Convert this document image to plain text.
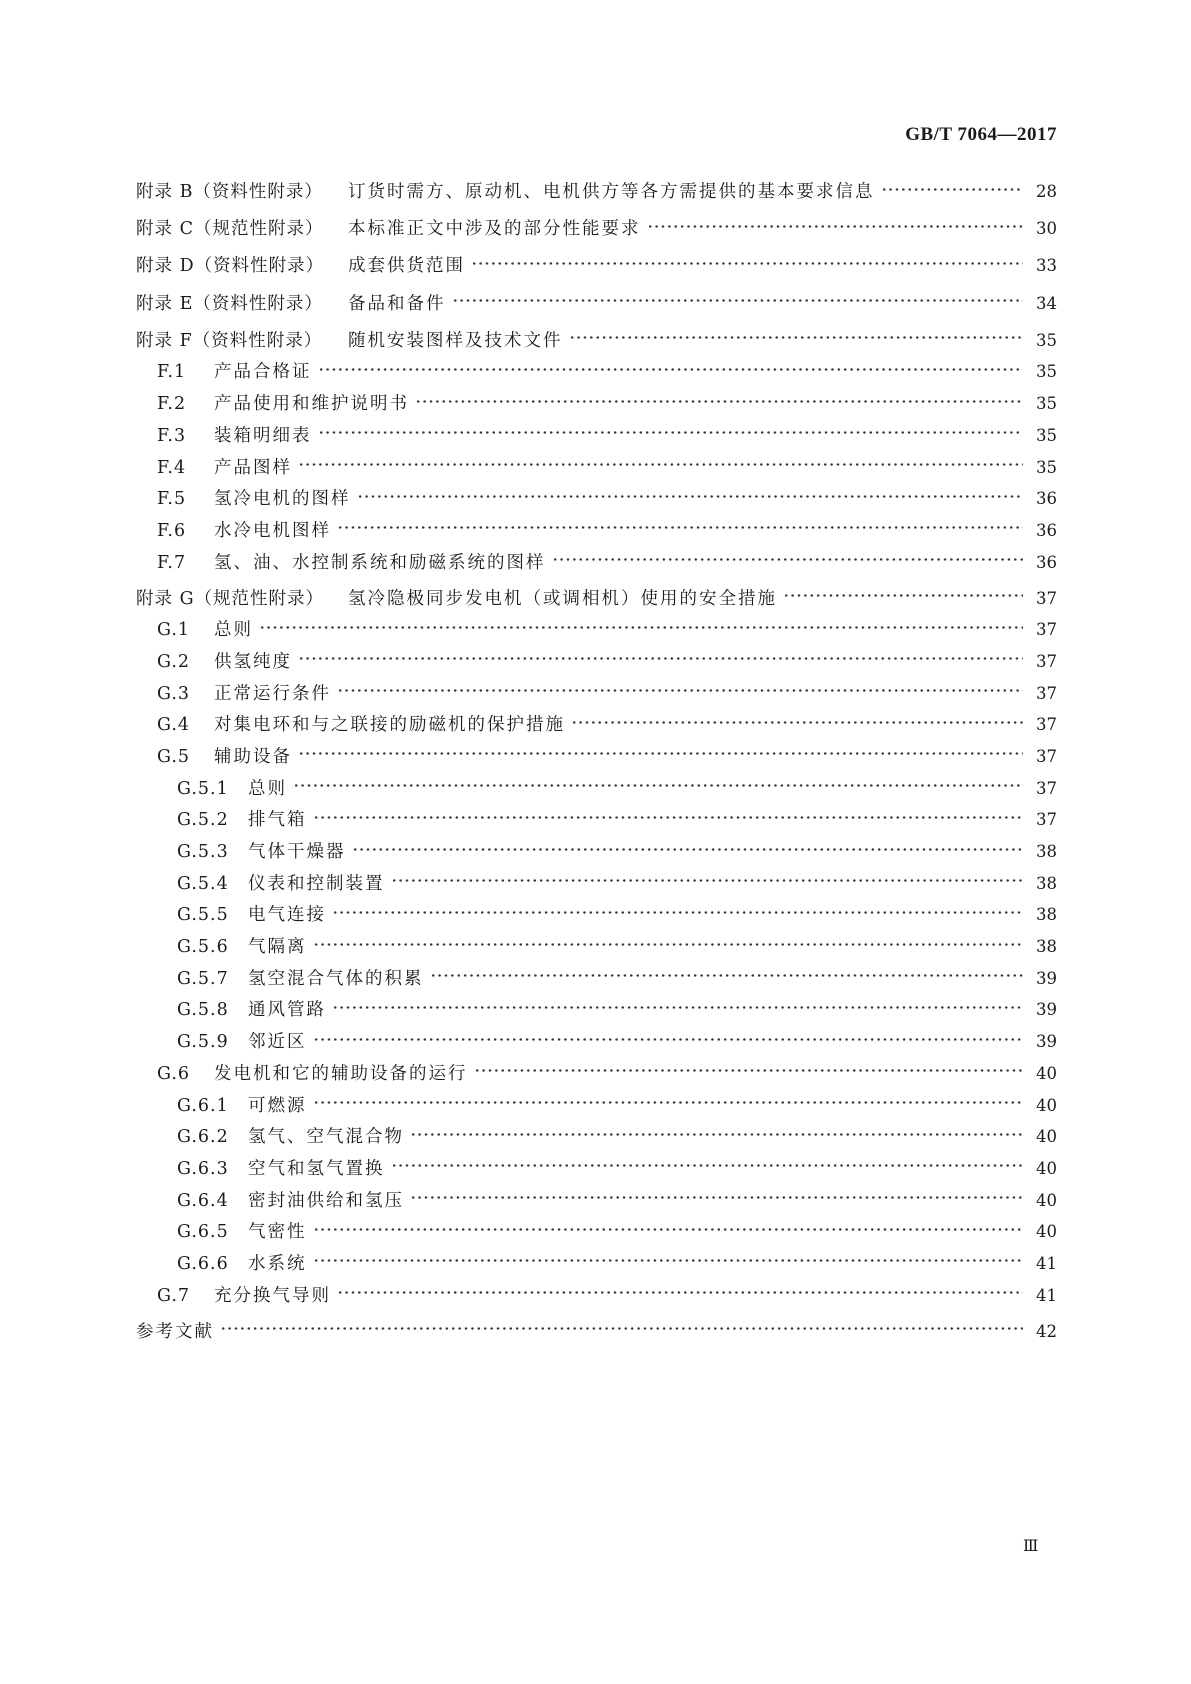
GB/T 7064—2017

附录 B（资料性附录）	订货时需方、原动机、电机供方等各方需提供的基本要求信息	28
附录 C（规范性附录）	本标准正文中涉及的部分性能要求	30
附录 D（资料性附录）	成套供货范围	33
附录 E（资料性附录）	备品和备件	34
附录 F（资料性附录）	随机安装图样及技术文件	35
F.1	产品合格证	35
F.2	产品使用和维护说明书	35
F.3	装箱明细表	35
F.4	产品图样	35
F.5	氢冷电机的图样	36
F.6	水冷电机图样	36
F.7	氢、油、水控制系统和励磁系统的图样	36
附录 G（规范性附录）	氢冷隐极同步发电机（或调相机）使用的安全措施	37
G.1	总则	37
G.2	供氢纯度	37
G.3	正常运行条件	37
G.4	对集电环和与之联接的励磁机的保护措施	37
G.5	辅助设备	37
G.5.1	总则	37
G.5.2	排气箱	37
G.5.3	气体干燥器	38
G.5.4	仪表和控制装置	38
G.5.5	电气连接	38
G.5.6	气隔离	38
G.5.7	氢空混合气体的积累	39
G.5.8	通风管路	39
G.5.9	邻近区	39
G.6	发电机和它的辅助设备的运行	40
G.6.1	可燃源	40
G.6.2	氢气、空气混合物	40
G.6.3	空气和氢气置换	40
G.6.4	密封油供给和氢压	40
G.6.5	气密性	40
G.6.6	水系统	41
G.7	充分换气导则	41
参考文献	42

Ⅲ
